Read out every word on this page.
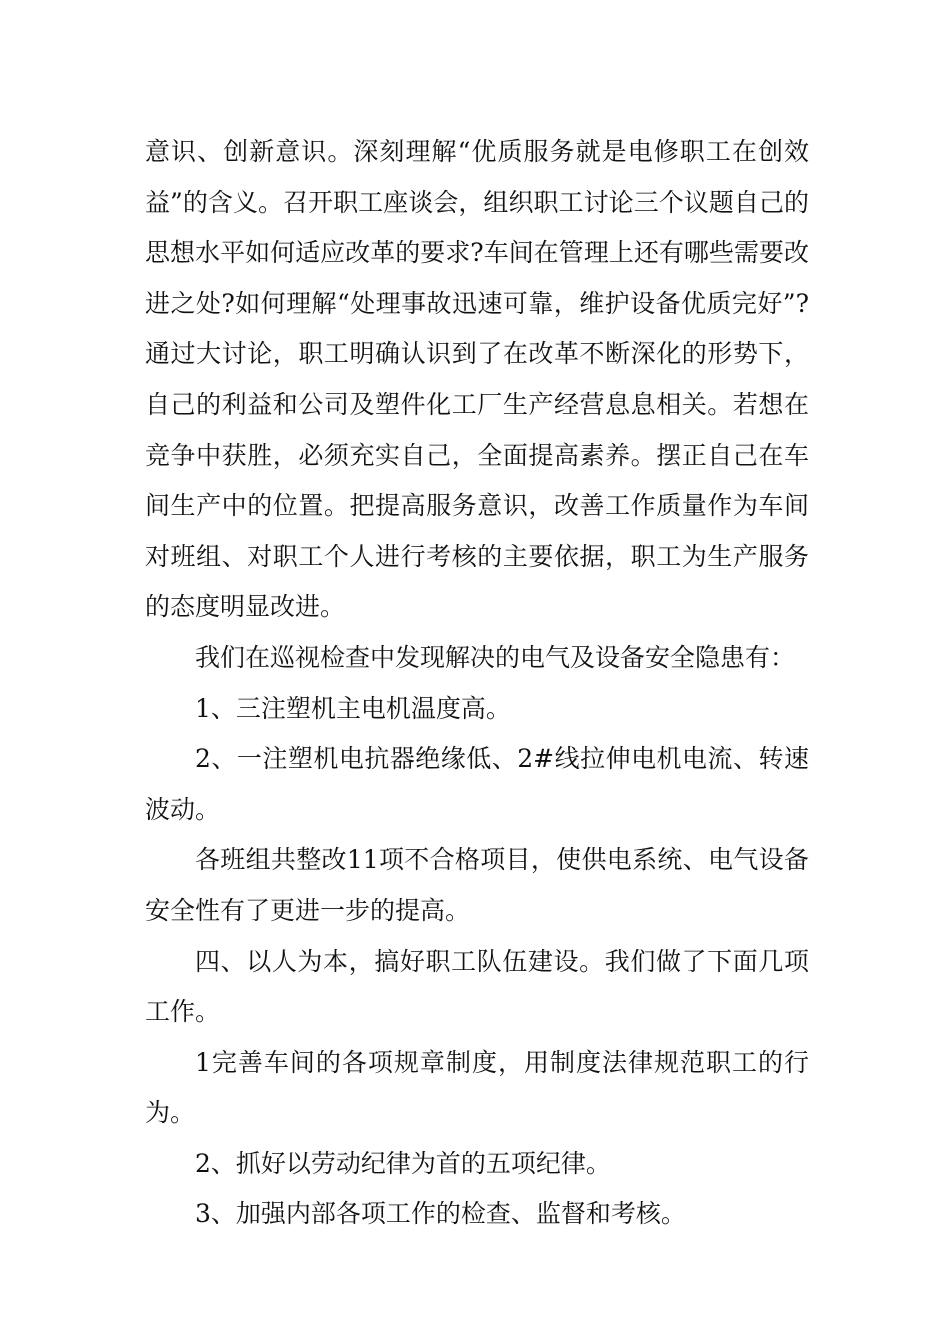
意识、创新意识。深刻理解“优质服务就是电修职工在创效益”的含义。召开职工座谈会，组织职工讨论三个议题自己的思想水平如何适应改革的要求?车间在管理上还有哪些需要改进之处?如何理解“处理事故迅速可靠，维护设备优质完好”?通过大讨论，职工明确认识到了在改革不断深化的形势下，自己的利益和公司及塑件化工厂生产经营息息相关。若想在竞争中获胜，必须充实自己，全面提高素养。摆正自己在车间生产中的位置。把提高服务意识，改善工作质量作为车间对班组、对职工个人进行考核的主要依据，职工为生产服务的态度明显改进。

我们在巡视检查中发现解决的电气及设备安全隐患有：

1、三注塑机主电机温度高。

2、一注塑机电抗器绝缘低、2#线拉伸电机电流、转速波动。

各班组共整改11项不合格项目，使供电系统、电气设备安全性有了更进一步的提高。

四、以人为本，搞好职工队伍建设。我们做了下面几项工作。

1完善车间的各项规章制度，用制度法律规范职工的行为。

2、抓好以劳动纪律为首的五项纪律。

3、加强内部各项工作的检查、监督和考核。
